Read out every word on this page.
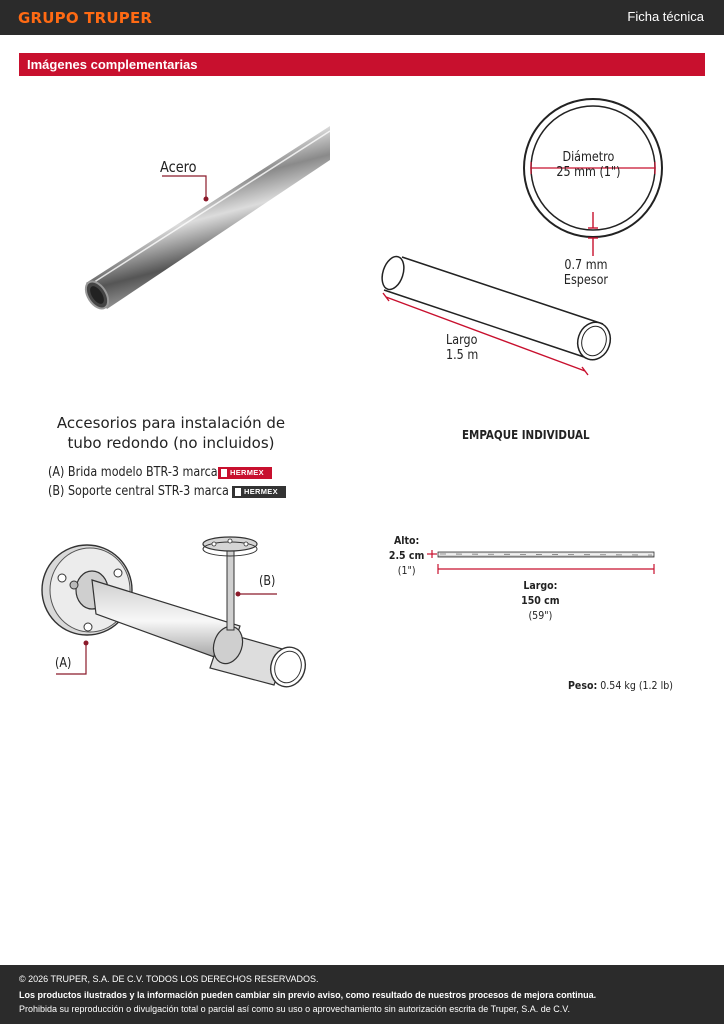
GRUPO TRUPER	Ficha técnica
Imágenes complementarias
Acero
Diámetro
25 mm (1")
0.7 mm
Espesor
Largo
1.5 m
Accesorios para instalación de tubo redondo (no incluidos)
(A) Brida modelo BTR-3 marca	HERMEX
(B) Soporte central STR-3 marca	HERMEX
(A)
(B)
EMPAQUE INDIVIDUAL
Alto:
2.5 cm
(1")
Largo:
150 cm
(59")
Peso: 0.54 kg (1.2 lb)
© 2026 TRUPER, S.A. DE C.V. TODOS LOS DERECHOS RESERVADOS.
Los productos ilustrados y la información pueden cambiar sin previo aviso, como resultado de nuestros procesos de mejora continua.
Prohibida su reproducción o divulgación total o parcial así como su uso o aprovechamiento sin autorización escrita de Truper, S.A. de C.V.
